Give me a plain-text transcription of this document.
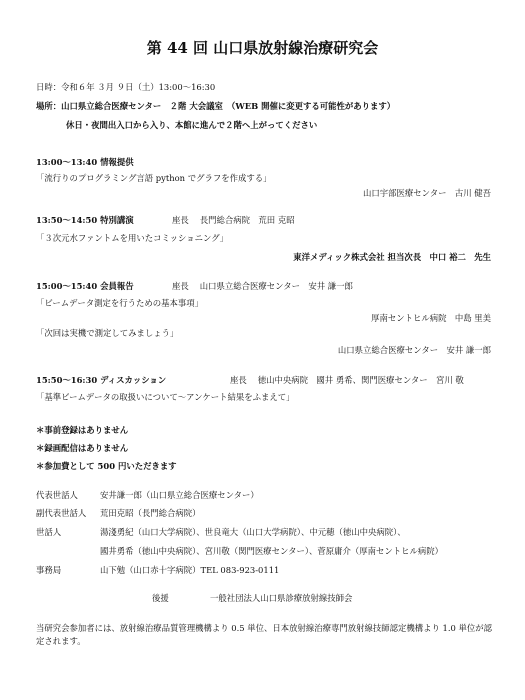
第 44 回 山口県放射線治療研究会
日時：令和６年 ３月 ９日（土）13:00～16:30
場所：山口県立総合医療センター　２階 大会議室　（WEB 開催に変更する可能性があります）
休日・夜間出入口から入り、本館に進んで２階へ上がってください
13:00～13:40 情報提供
「流行りのプログラミング言語 python でグラフを作成する」
山口宇部医療センター　古川 健吾
13:50～14:50 特別講演	座長　 長門総合病院　荒田 克昭
「３次元水ファントムを用いたコミッショニング」
東洋メディック株式会社 担当次長　中口 裕二　先生
15:00～15:40 会員報告	座長　 山口県立総合医療センター　安井 謙一郎
「ビームデータ測定を行うための基本事項」
厚南セントヒル病院　中島 里美
「次回は実機で測定してみましょう」
山口県立総合医療センター　安井 謙一郎
15:50～16:30 ディスカッション	座長　 徳山中央病院　國井 勇希、関門医療センター　宮川 敬
「基準ビームデータの取扱いについて～アンケート結果をふまえて」
＊事前登録はありません
＊録画配信はありません
＊参加費として 500 円いただきます
代表世話人	安井謙一郎（山口県立総合医療センター）
副代表世話人 荒田克昭（長門総合病院）
世話人	湯淺勇紀（山口大学病院）、世良竜大（山口大学病院）、中元穂（徳山中央病院）、
國井勇希（徳山中央病院）、宮川敬（関門医療センター）、菅原庸介（厚南セントヒル病院）
事務局	山下勉（山口赤十字病院）TEL 083-923-0111
後援	一般社団法人山口県診療放射線技師会
当研究会参加者には、放射線治療品質管理機構より 0.5 単位、日本放射線治療専門放射線技師認定機構より 1.0 単位が認定されます。
